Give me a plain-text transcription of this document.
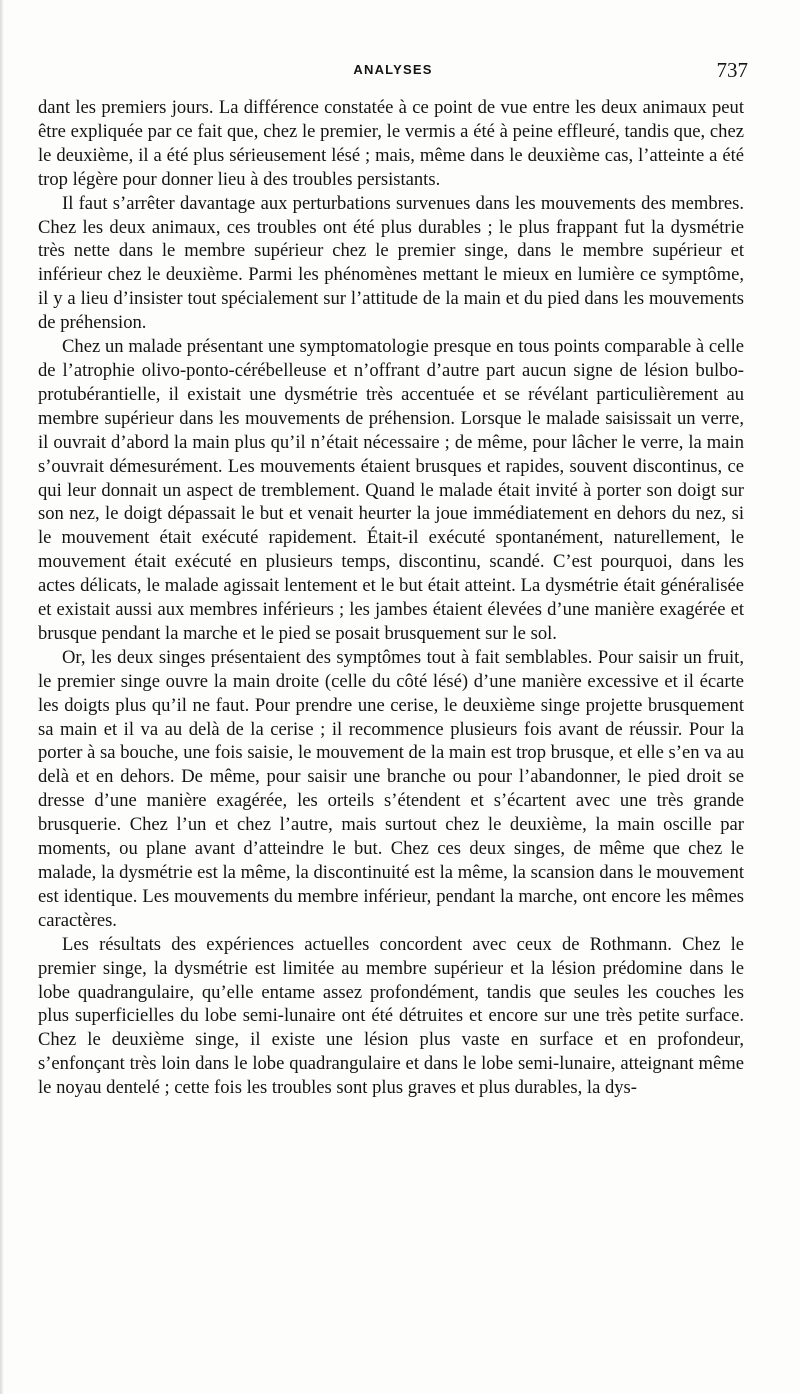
ANALYSES	737

dant les premiers jours. La différence constatée à ce point de vue entre les deux animaux peut être expliquée par ce fait que, chez le premier, le vermis a été à peine effleuré, tandis que, chez le deuxième, il a été plus sérieusement lésé ; mais, même dans le deuxième cas, l’atteinte a été trop légère pour donner lieu à des troubles persistants.

Il faut s’arrêter davantage aux perturbations survenues dans les mouvements des membres. Chez les deux animaux, ces troubles ont été plus durables ; le plus frappant fut la dysmétrie très nette dans le membre supérieur chez le premier singe, dans le membre supérieur et inférieur chez le deuxième. Parmi les phénomènes mettant le mieux en lumière ce symptôme, il y a lieu d’insister tout spécialement sur l’attitude de la main et du pied dans les mouvements de préhension.

Chez un malade présentant une symptomatologie presque en tous points comparable à celle de l’atrophie olivo-ponto-cérébelleuse et n’offrant d’autre part aucun signe de lésion bulbo-protubérantielle, il existait une dysmétrie très accentuée et se révélant particulièrement au membre supérieur dans les mouvements de préhension. Lorsque le malade saisissait un verre, il ouvrait d’abord la main plus qu’il n’était nécessaire ; de même, pour lâcher le verre, la main s’ouvrait démesurément. Les mouvements étaient brusques et rapides, souvent discontinus, ce qui leur donnait un aspect de tremblement. Quand le malade était invité à porter son doigt sur son nez, le doigt dépassait le but et venait heurter la joue immédiatement en dehors du nez, si le mouvement était exécuté rapidement. Était-il exécuté spontanément, naturellement, le mouvement était exécuté en plusieurs temps, discontinu, scandé. C’est pourquoi, dans les actes délicats, le malade agissait lentement et le but était atteint. La dysmétrie était généralisée et existait aussi aux membres inférieurs ; les jambes étaient élevées d’une manière exagérée et brusque pendant la marche et le pied se posait brusquement sur le sol.

Or, les deux singes présentaient des symptômes tout à fait semblables. Pour saisir un fruit, le premier singe ouvre la main droite (celle du côté lésé) d’une manière excessive et il écarte les doigts plus qu’il ne faut. Pour prendre une cerise, le deuxième singe projette brusquement sa main et il va au delà de la cerise ; il recommence plusieurs fois avant de réussir. Pour la porter à sa bouche, une fois saisie, le mouvement de la main est trop brusque, et elle s’en va au delà et en dehors. De même, pour saisir une branche ou pour l’abandonner, le pied droit se dresse d’une manière exagérée, les orteils s’étendent et s’écartent avec une très grande brusquerie. Chez l’un et chez l’autre, mais surtout chez le deuxième, la main oscille par moments, ou plane avant d’atteindre le but. Chez ces deux singes, de même que chez le malade, la dysmétrie est la même, la discontinuité est la même, la scansion dans le mouvement est identique. Les mouvements du membre inférieur, pendant la marche, ont encore les mêmes caractères.

Les résultats des expériences actuelles concordent avec ceux de Rothmann. Chez le premier singe, la dysmétrie est limitée au membre supérieur et la lésion prédomine dans le lobe quadrangulaire, qu’elle entame assez profondément, tandis que seules les couches les plus superficielles du lobe semi-lunaire ont été détruites et encore sur une très petite surface. Chez le deuxième singe, il existe une lésion plus vaste en surface et en profondeur, s’enfonçant très loin dans le lobe quadrangulaire et dans le lobe semi-lunaire, atteignant même le noyau dentelé ; cette fois les troubles sont plus graves et plus durables, la dys-
